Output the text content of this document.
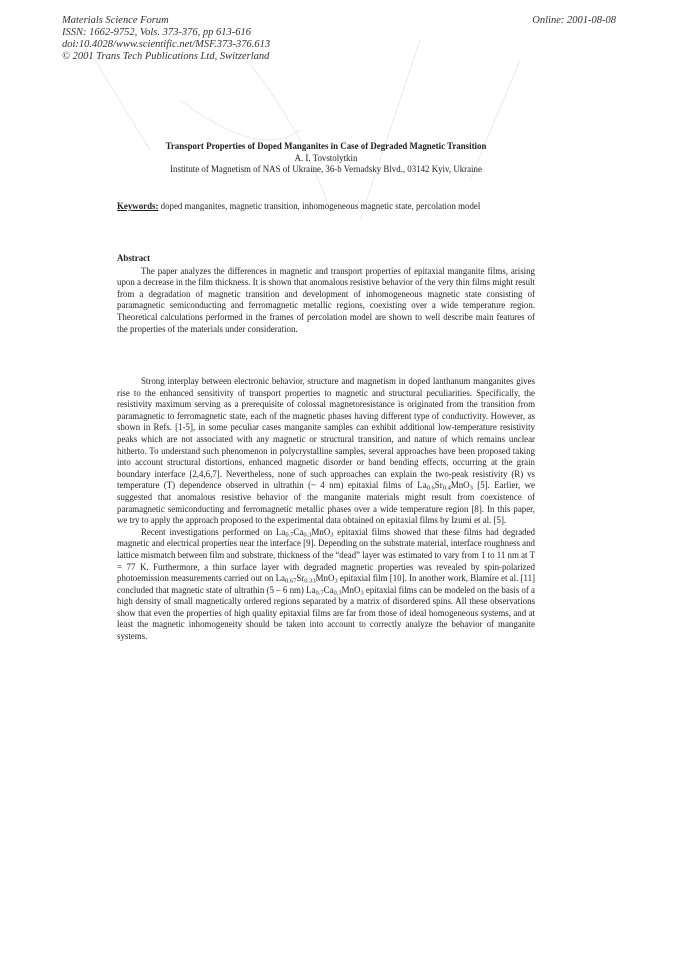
Materials Science Forum
ISSN: 1662-9752, Vols. 373-376, pp 613-616
doi:10.4028/www.scientific.net/MSF.373-376.613
© 2001 Trans Tech Publications Ltd, Switzerland
Online: 2001-08-08
Transport Properties of Doped Manganites in Case of Degraded Magnetic Transition
A. I. Tovstolytkin
Institute of Magnetism of NAS of Ukraine, 36-b Vernadsky Blvd., 03142 Kyiv, Ukraine
Keywords: doped manganites, magnetic transition, inhomogeneous magnetic state, percolation model
Abstract

The paper analyzes the differences in magnetic and transport properties of epitaxial manganite films, arising upon a decrease in the film thickness. It is shown that anomalous resistive behavior of the very thin films might result from a degradation of magnetic transition and development of inhomogeneous magnetic state consisting of paramagnetic semiconducting and ferromagnetic metallic regions, coexisting over a wide temperature region. Theoretical calculations performed in the frames of percolation model are shown to well describe main features of the properties of the materials under consideration.

Strong interplay between electronic behavior, structure and magnetism in doped lanthanum manganites gives rise to the enhanced sensitivity of transport properties to magnetic and structural peculiarities. Specifically, the resistivity maximum serving as a prerequisite of colossal magnetoresistance is originated from the transition from paramagnetic to ferromagnetic state, each of the magnetic phases having different type of conductivity. However, as shown in Refs. [1-5], in some peculiar cases manganite samples can exhibit additional low-temperature resistivity peaks which are not associated with any magnetic or structural transition, and nature of which remains unclear hitherto. To understand such phenomenon in polycrystalline samples, several approaches have been proposed taking into account structural distortions, enhanced magnetic disorder or band bending effects, occurring at the grain boundary interface [2,4,6,7]. Nevertheless, none of such approaches can explain the two-peak resistivity (R) vs temperature (T) dependence observed in ultrathin (~ 4 nm) epitaxial films of $La_{0.6}Sr_{0.4}MnO_3$ [5]. Earlier, we suggested that anomalous resistive behavior of the manganite materials might result from coexistence of paramagnetic semiconducting and ferromagnetic metallic phases over a wide temperature region [8]. In this paper, we try to apply the approach proposed to the experimental data obtained on epitaxial films by Izumi et al. [5].

Recent investigations performed on $La_{0.7}Ca_{0.3}MnO_3$ epitaxial films showed that these films had degraded magnetic and electrical properties near the interface [9]. Depending on the substrate material, interface roughness and lattice mismatch between film and substrate, thickness of the “dead” layer was estimated to vary from 1 to 11 nm at T = 77 K. Furthermore, a thin surface layer with degraded magnetic properties was revealed by spin-polarized photoemission measurements carried out on $La_{0.67}Sr_{0.33}MnO_3$ epitaxial film [10]. In another work, Blamire et al. [11] concluded that magnetic state of ultrathin (5 – 6 nm) $La_{0.7}Ca_{0.3}MnO_3$ epitaxial films can be modeled on the basis of a high density of small magnetically ordered regions separated by a matrix of disordered spins. All these observations show that even the properties of high quality epitaxial films are far from those of ideal homogeneous systems, and at least the magnetic inhomogeneity should be taken into account to correctly analyze the behavior of manganite systems.
